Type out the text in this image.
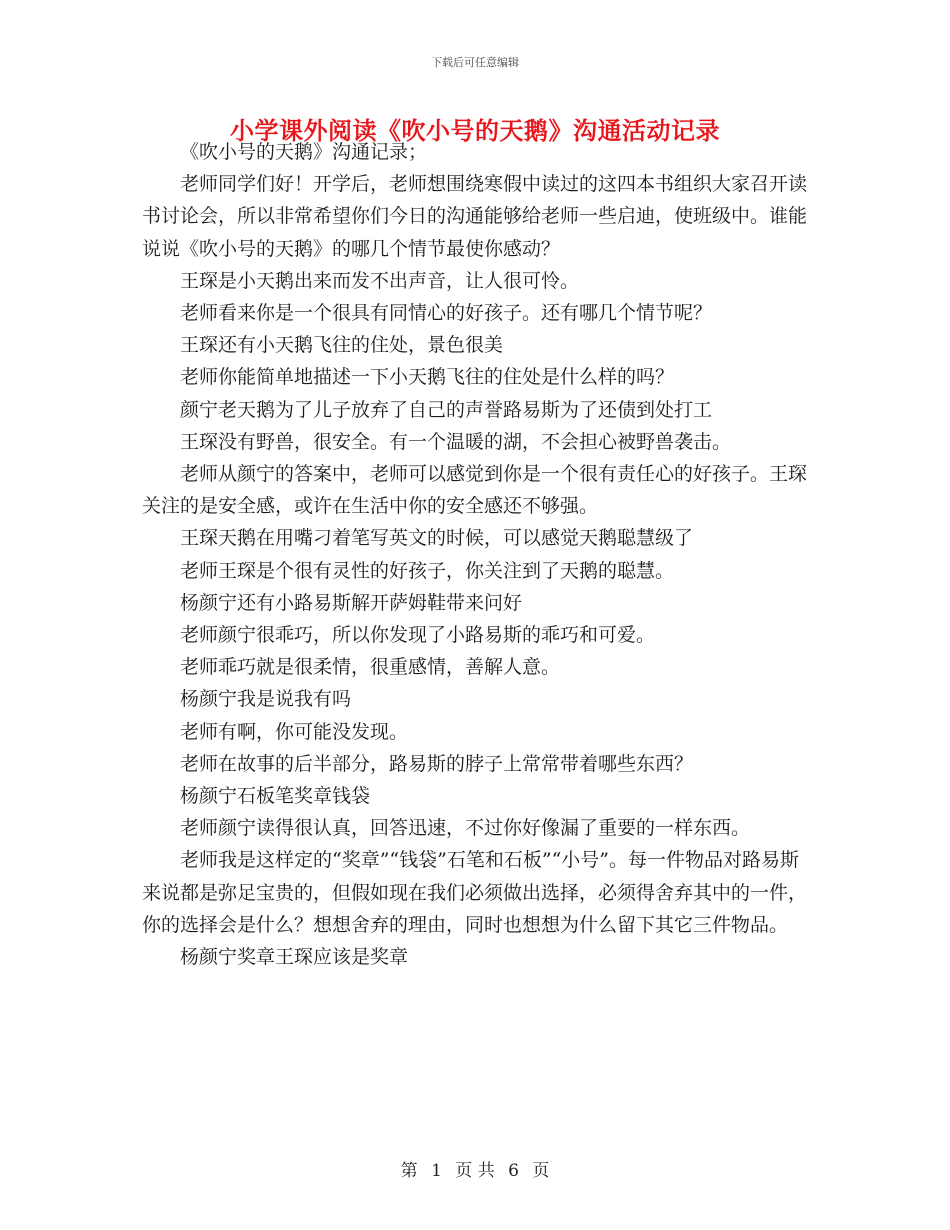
下载后可任意编辑
小学课外阅读《吹小号的天鹅》沟通活动记录

《吹小号的天鹅》沟通记录；

老师同学们好！开学后，老师想围绕寒假中读过的这四本书组织大家召开读书讨论会，所以非常希望你们今日的沟通能够给老师一些启迪，使班级中。谁能说说《吹小号的天鹅》的哪几个情节最使你感动？

王琛是小天鹅出来而发不出声音，让人很可怜。

老师看来你是一个很具有同情心的好孩子。还有哪几个情节呢？

王琛还有小天鹅飞往的住处，景色很美

老师你能简单地描述一下小天鹅飞往的住处是什么样的吗？

颜宁老天鹅为了儿子放弃了自己的声誉路易斯为了还债到处打工

王琛没有野兽，很安全。有一个温暖的湖，不会担心被野兽袭击。

老师从颜宁的答案中，老师可以感觉到你是一个很有责任心的好孩子。王琛关注的是安全感，或许在生活中你的安全感还不够强。

王琛天鹅在用嘴刁着笔写英文的时候，可以感觉天鹅聪慧级了

老师王琛是个很有灵性的好孩子，你关注到了天鹅的聪慧。

杨颜宁还有小路易斯解开萨姆鞋带来问好

老师颜宁很乖巧，所以你发现了小路易斯的乖巧和可爱。

老师乖巧就是很柔情，很重感情，善解人意。

杨颜宁我是说我有吗

老师有啊，你可能没发现。

老师在故事的后半部分，路易斯的脖子上常常带着哪些东西？

杨颜宁石板笔奖章钱袋

老师颜宁读得很认真，回答迅速，不过你好像漏了重要的一样东西。

老师我是这样定的“奖章”“钱袋”石笔和石板”“小号”。每一件物品对路易斯来说都是弥足宝贵的，但假如现在我们必须做出选择，必须得舍弃其中的一件，你的选择会是什么？想想舍弃的理由，同时也想想为什么留下其它三件物品。

杨颜宁奖章王琛应该是奖章

第 1 页 共 6 页
